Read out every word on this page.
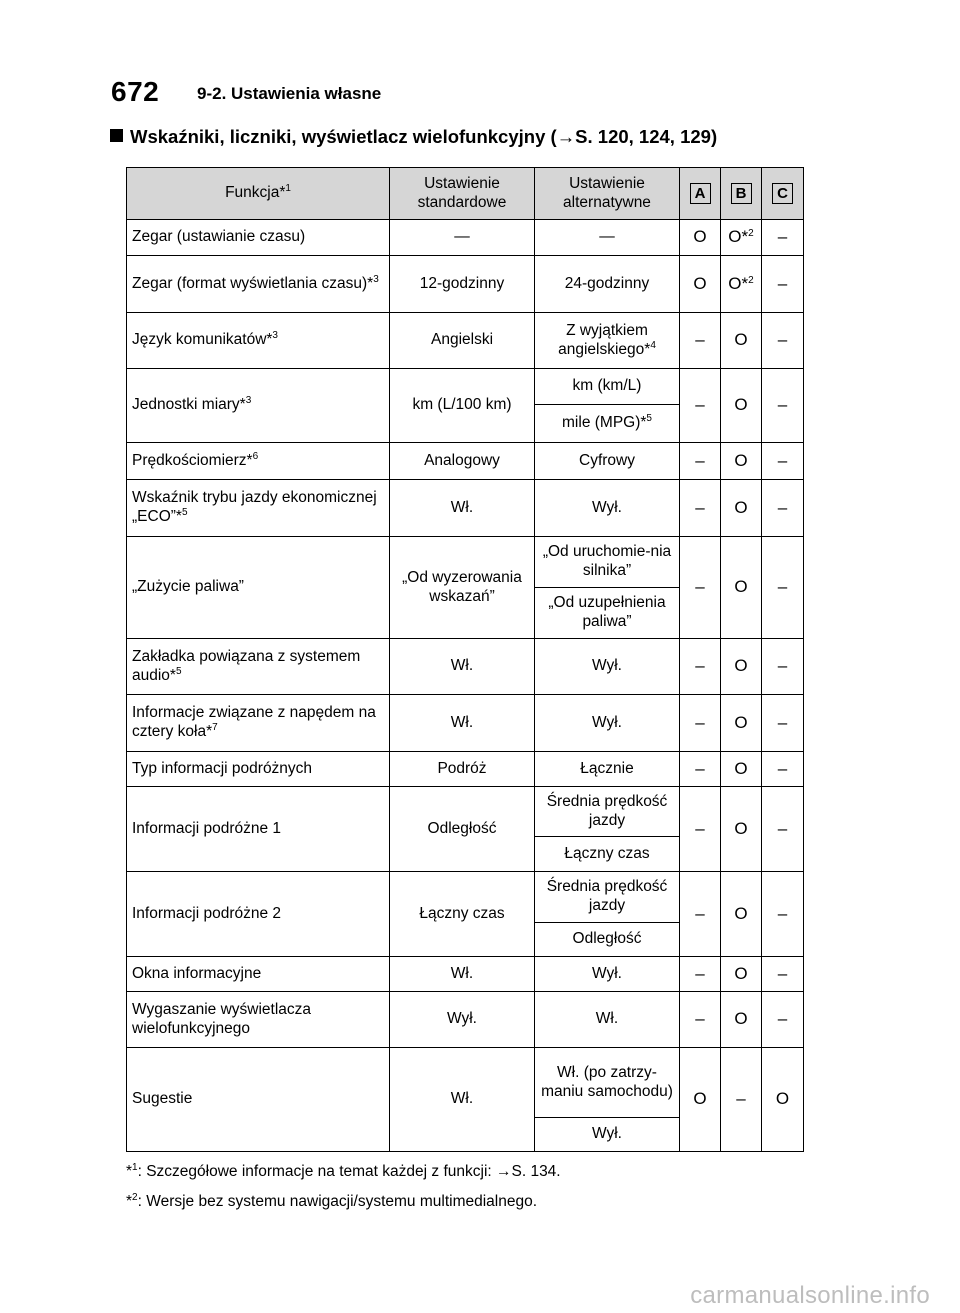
672 9-2. Ustawienia własne
Wskaźniki, liczniki, wyświetlacz wielofunkcyjny (→S. 120, 124, 129)
Funkcja*$^1$	Ustawienie standardowe	Ustawienie alternatywne	A	B	C
Zegar (ustawianie czasu)	—	—	O	O*$^2$	–
Zegar (format wyświetlania czasu)*$^3$	12-godzinny	24-godzinny	O	O*$^2$	–
Język komunikatów*$^3$	Angielski	Z wyjątkiem angielskiego*$^4$	–	O	–
Jednostki miary*$^3$	km (L/100 km)	km (km/L)	–	O	–
		mile (MPG)*$^5$
Prędkościomierz*$^6$	Analogowy	Cyfrowy	–	O	–
Wskaźnik trybu jazdy ekonomicznej „ECO”*$^5$	Wł.	Wył.	–	O	–
„Zużycie paliwa”	„Od wyzerowania wskazań”	„Od uruchomie-nia silnika”	–	O	–
		„Od uzupełnienia paliwa”			
Zakładka powiązana z systemem audio*$^5$	Wł.	Wył.	–	O	–
Informacje związane z napędem na cztery koła*$^7$	Wł.	Wył.	–	O	–
Typ informacji podróżnych	Podróż	Łącznie	–	O	–
Informacji podróżne 1	Odległość	Średnia prędkość jazdy	–	O	–
		Łączny czas			
Informacji podróżne 2	Łączny czas	Średnia prędkość jazdy	–	O	–
		Odległość			
Okna informacyjne	Wł.	Wył.	–	O	–
Wygaszanie wyświetlacza wielofunkcyjnego	Wył.	Wł.	–	O	–
Sugestie	Wł.	Wł. (po zatrzy-maniu samochodu)	O	–	O
		Wył.			
*$^1$: Szczegółowe informacje na temat każdej z funkcji: →S. 134.
*$^2$: Wersje bez systemu nawigacji/systemu multimedialnego.
carmanualsonline.info
